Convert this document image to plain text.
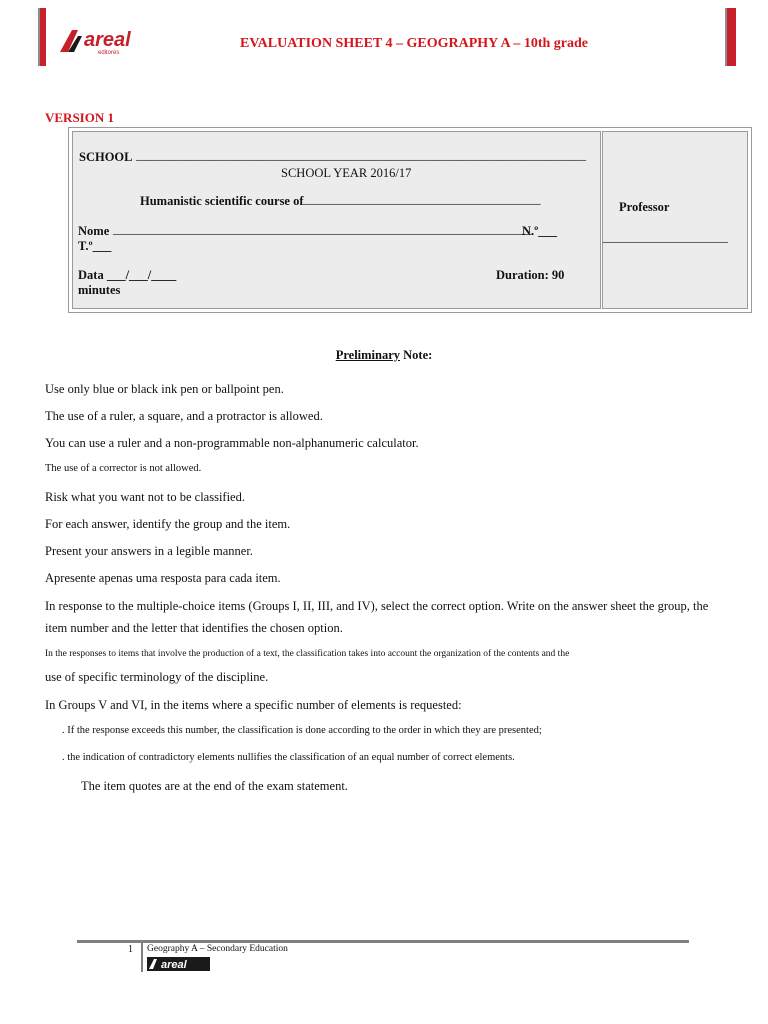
areal
editores
EVALUATION SHEET 4 – GEOGRAPHY A – 10th grade
VERSION 1
SCHOOL ________________________________________________________________________
SCHOOL YEAR 2016/17
Humanistic scientific course of ______________________________________
Nome ___________________________________________________________________
N.º___
T.º___
Data ___/___/____	Duration: 90
minutes
Professor
____________________
Preliminary Note:
Use only blue or black ink pen or ballpoint pen.
The use of a ruler, a square, and a protractor is allowed.
You can use a ruler and a non-programmable non-alphanumeric calculator.
The use of a corrector is not allowed.
Risk what you want not to be classified.
For each answer, identify the group and the item.
Present your answers in a legible manner.
Apresente apenas uma resposta para cada item.
In response to the multiple-choice items (Groups I, II, III, and IV), select the correct option. Write on the answer sheet the group, the
item number and the letter that identifies the chosen option.
In the responses to items that involve the production of a text, the classification takes into account the organization of the contents and the
use of specific terminology of the discipline.
In Groups V and VI, in the items where a specific number of elements is requested:
. If the response exceeds this number, the classification is done according to the order in which they are presented;
. the indication of contradictory elements nullifies the classification of an equal number of correct elements.
The item quotes are at the end of the exam statement.
1 Geography A – Secondary Education
areal
